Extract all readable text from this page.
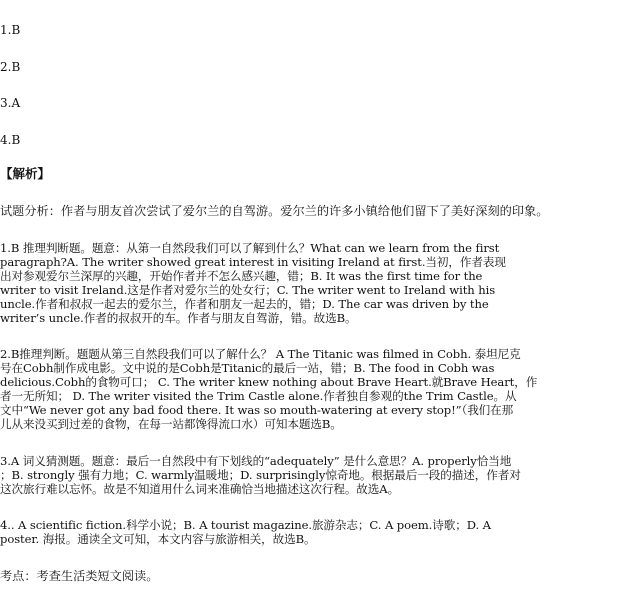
1.B
2.B
3.A
4.B
【解析】
试题分析：作者与朋友首次尝试了爱尔兰的自驾游。爱尔兰的许多小镇给他们留下了美好深刻的印象。
1.B 推理判断题。题意：从第一自然段我们可以了解到什么？What can we learn from the first
paragraph?A. The writer showed great interest in visiting Ireland at first.当初，作者表现
出对参观爱尔兰深厚的兴趣，开始作者并不怎么感兴趣，错；B. It was the first time for the
writer to visit Ireland.这是作者对爱尔兰的处女行；C. The writer went to Ireland with his
uncle.作者和叔叔一起去的爱尔兰，作者和朋友一起去的，错；D. The car was driven by the
writer’s uncle.作者的叔叔开的车。作者与朋友自驾游，错。故选B。
2.B推理判断。题题从第三自然段我们可以了解什么？ A The Titanic was filmed in Cobh. 泰坦尼克
号在Cobh制作成电影。文中说的是Cobh是Titanic的最后一站，错；B. The food in Cobh was
delicious.Cobh的食物可口； C. The writer knew nothing about Brave Heart.就Brave Heart，作
者一无所知； D. The writer visited the Trim Castle alone.作者独自参观的the Trim Castle。从
文中“We never got any bad food there. It was so mouth-watering at every stop!”（我们在那
儿从来没买到过差的食物，在每一站都馋得流口水）可知本题选B。
3.A 词义猜测题。题意：最后一自然段中有下划线的“adequately” 是什么意思？A. properly恰当地
；B. strongly 强有力地；C. warmly温暖地；D. surprisingly惊奇地。根据最后一段的描述，作者对
这次旅行难以忘怀。故是不知道用什么词来准确恰当地描述这次行程。故选A。
4.. A scientific fiction.科学小说；B. A tourist magazine.旅游杂志；C. A poem.诗歌；D. A
poster. 海报。通读全文可知，本文内容与旅游相关，故选B。
考点：考查生活类短文阅读。
